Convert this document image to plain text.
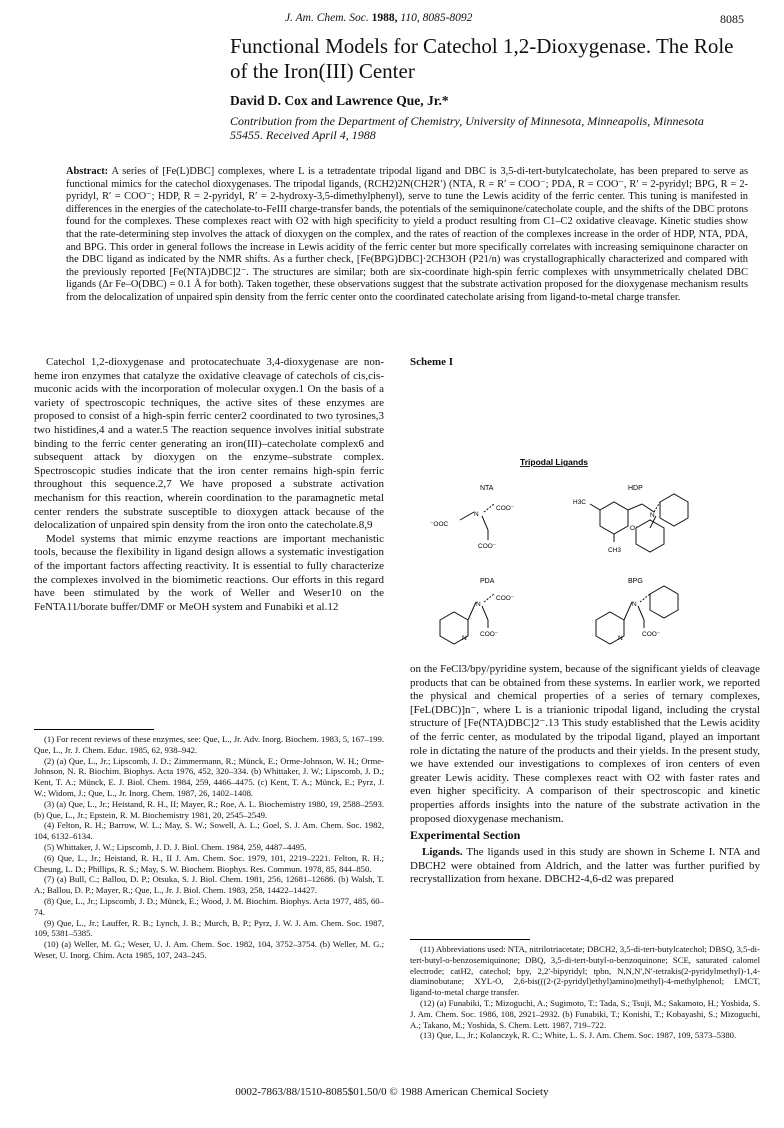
J. Am. Chem. Soc. 1988, 110, 8085-8092	8085
Functional Models for Catechol 1,2-Dioxygenase. The Role of the Iron(III) Center
David D. Cox and Lawrence Que, Jr.*
Contribution from the Department of Chemistry, University of Minnesota, Minneapolis, Minnesota 55455. Received April 4, 1988
Abstract: A series of [Fe(L)DBC] complexes, where L is a tetradentate tripodal ligand and DBC is 3,5-di-tert-butylcatecholate, has been prepared to serve as functional mimics for the catechol dioxygenases. The tripodal ligands, (RCH2)2N(CH2R′) (NTA, R = R′ = COO⁻; PDA, R = COO⁻, R′ = 2-pyridyl; BPG, R = 2-pyridyl, R′ = COO⁻; HDP, R = 2-pyridyl, R′ = 2-hydroxy-3,5-dimethylphenyl), serve to tune the Lewis acidity of the ferric center. This tuning is manifested in differences in the energies of the catecholate-to-FeIII charge-transfer bands, the potentials of the semiquinone/catecholate couple, and the shifts of the DBC protons found for the complexes. These complexes react with O2 with high specificity to yield a product resulting from C1–C2 oxidative cleavage. Kinetic studies show that the rate-determining step involves the attack of dioxygen on the complex, and the rates of reaction of the complexes increase in the order of HDP, NTA, PDA, and BPG. This order in general follows the increase in Lewis acidity of the ferric center but more specifically correlates with increasing semiquinone character on the DBC ligand as indicated by the NMR shifts. As a further check, [Fe(BPG)DBC]·2CH3OH (P21/n) was crystallographically characterized and compared with the previously reported [Fe(NTA)DBC]2⁻. The structures are similar; both are six-coordinate high-spin ferric complexes with unsymmetrically chelated DBC ligands (Δr Fe–O(DBC) = 0.1 Å for both). Taken together, these observations suggest that the substrate activation proposed for the dioxygenase mechanism results from the delocalization of unpaired spin density from the ferric center onto the coordinated catecholate arising from ligand-to-metal charge transfer.

Catechol 1,2-dioxygenase and protocatechuate 3,4-dioxygenase are non-heme iron enzymes that catalyze the oxidative cleavage of catechols of cis,cis-muconic acids with the incorporation of molecular oxygen.1 On the basis of a variety of spectroscopic techniques, the active sites of these enzymes are proposed to consist of a high-spin ferric center2 coordinated to two tyrosines,3 two histidines,4 and a water.5 The reaction sequence involves initial substrate binding to the ferric center generating an iron(III)–catecholate complex6 and subsequent attack by dioxygen on the enzyme–substrate complex. Spectroscopic studies indicate that the iron center remains high-spin ferric throughout this sequence.2,7 We have proposed a substrate activation mechanism for this reaction, wherein coordination to the paramagnetic metal center renders the substrate susceptible to dioxygen attack because of the delocalization of unpaired spin density from the iron onto the catecholate.8,9

Model systems that mimic enzyme reactions are important mechanistic tools, because the flexibility in ligand design allows a systematic investigation of the important factors affecting reactivity. It is essential to fully characterize the complexes involved in the biomimetic reactions. Our efforts in this regard have been stimulated by the work of Weller and Weser10 on the FeNTA11/borate buffer/DMF or MeOH system and Funabiki et al.12

(1) For recent reviews of these enzymes, see: Que, L., Jr. Adv. Inorg. Biochem. 1983, 5, 167–199. Que, L., Jr. J. Chem. Educ. 1985, 62, 938–942.

(2) (a) Que, L., Jr.; Lipscomb, J. D.; Zimmermann, R.; Münck, E.; Orme-Johnson, W. H.; Orme-Johnson, N. R. Biochim. Biophys. Acta 1976, 452, 320–334. (b) Whittaker, J. W.; Lipscomb, J. D.; Kent, T. A.; Münck, E. J. Biol. Chem. 1984, 259, 4466–4475. (c) Kent, T. A.; Münck, E.; Pyrz, J. W.; Widom, J.; Que, L., Jr. Inorg. Chem. 1987, 26, 1402–1408.

(3) (a) Que, L., Jr.; Heistand, R. H., II; Mayer, R.; Roe, A. L. Biochemistry 1980, 19, 2588–2593. (b) Que, L., Jr.; Epstein, R. M. Biochemistry 1981, 20, 2545–2549.

(4) Felton, R. H.; Barrow, W. L.; May, S. W.; Sowell, A. L.; Goel, S. J. Am. Chem. Soc. 1982, 104, 6132–6134.

(5) Whittaker, J. W.; Lipscomb, J. D. J. Biol. Chem. 1984, 259, 4487–4495.

(6) Que, L., Jr.; Heistand, R. H., II J. Am. Chem. Soc. 1979, 101, 2219–2221. Felton, R. H.; Cheung, L. D.; Phillips, R. S.; May, S. W. Biochem. Biophys. Res. Commun. 1978, 85, 844–850.

(7) (a) Bull, C.; Ballou, D. P.; Otsuka, S. J. Biol. Chem. 1981, 256, 12681–12686. (b) Walsh, T. A.; Ballou, D. P.; Mayer, R.; Que, L., Jr. J. Biol. Chem. 1983, 258, 14422–14427.

(8) Que, L., Jr.; Lipscomb, J. D.; Münck, E.; Wood, J. M. Biochim. Biophys. Acta 1977, 485, 60–74.

(9) Que, L., Jr.; Lauffer, R. B.; Lynch, J. B.; Murch, B. P.; Pyrz, J. W. J. Am. Chem. Soc. 1987, 109, 5381–5385.

(10) (a) Weller, M. G.; Weser, U. J. Am. Chem. Soc. 1982, 104, 3752–3754. (b) Weller, M. G.; Weser, U. Inorg. Chim. Acta 1985, 107, 243–245.

Scheme I
Tripodal Ligands
NTA
N
COO⁻
⁻OOC
COO⁻
HDP
H3C
CH3
O⁻
N
PDA
N
COO⁻
COO⁻
N
BPG
N
COO⁻
N

on the FeCl3/bpy/pyridine system, because of the significant yields of cleavage products that can be obtained from these systems. In earlier work, we reported the physical and chemical properties of a series of ternary complexes, [FeL(DBC)]n⁻, where L is a trianionic tripodal ligand, including the crystal structure of [Fe(NTA)DBC]2⁻.13 This study established that the Lewis acidity of the ferric center, as modulated by the tripodal ligand, played an important role in dictating the nature of the products and their yields. In the present study, we have extended our investigations to complexes of iron centers of even greater Lewis acidity. These complexes react with O2 with faster rates and even higher specificity. A comparison of their spectroscopic and kinetic properties affords insights into the nature of the substrate activation in the proposed dioxygenase mechanism.

Experimental Section

Ligands. The ligands used in this study are shown in Scheme I. NTA and DBCH2 were obtained from Aldrich, and the latter was further purified by recrystallization from hexane. DBCH2-4,6-d2 was prepared

(11) Abbreviations used: NTA, nitrilotriacetate; DBCH2, 3,5-di-tert-butylcatechol; DBSQ, 3,5-di-tert-butyl-o-benzosemiquinone; DBQ, 3,5-di-tert-butyl-o-benzoquinone; SCE, saturated calomel electrode; catH2, catechol; bpy, 2,2′-bipyridyl; tpbn, N,N,N′,N′-tetrakis(2-pyridylmethyl)-1,4-diaminobutane; XYL-O, 2,6-bis(((2-(2-pyridyl)ethyl)amino)methyl)-4-methylphenol; LMCT, ligand-to-metal charge transfer.

(12) (a) Funabiki, T.; Mizoguchi, A.; Sugimoto, T.; Tada, S.; Tsuji, M.; Sakamoto, H.; Yoshida, S. J. Am. Chem. Soc. 1986, 108, 2921–2932. (b) Funabiki, T.; Konishi, T.; Kobayashi, S.; Mizoguchi, A.; Takano, M.; Yoshida, S. Chem. Lett. 1987, 719–722.

(13) Que, L., Jr.; Kolanczyk, R. C.; White, L. S. J. Am. Chem. Soc. 1987, 109, 5373–5380.

0002-7863/88/1510-8085$01.50/0 © 1988 American Chemical Society
